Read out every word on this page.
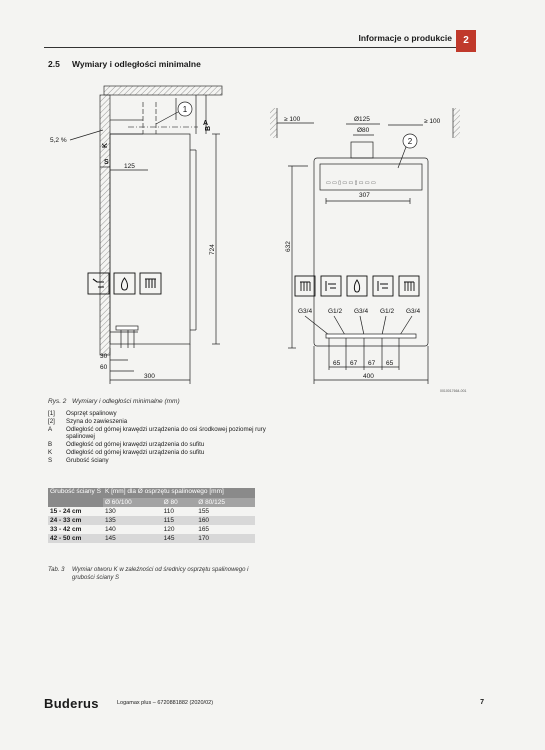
Informacje o produkcie	2
2.5 Wymiary i odległości minimalne
1
A
B
5,2 %
K
S
125
724
30
60
300
≥ 100	≥ 100
Ø125
Ø80
▭ ▭ ▯ ▭ ▭ ▯ ▭ ▭ ▭
2
307
632
G3/4 G1/2 G3/4 G1/2 G3/4
65 67 67 65
400
0010017664-001
Rys. 2 Wymiary i odległości minimalne (mm)
[1]	Osprzęt spalinowy
[2]	Szyna do zawieszenia
A	Odległość od górnej krawędzi urządzenia do osi środkowej poziomej rury spalinowej
B	Odległość od górnej krawędzi urządzenia do sufitu
K	Odległość od górnej krawędzi urządzenia do sufitu
S	Grubość ściany
Grubość ściany S	K [mm] dla Ø osprzętu spalinowego [mm]		
	Ø 60/100	Ø 80	Ø 80/125
15 - 24 cm	130	110	155
24 - 33 cm	135	115	160
33 - 42 cm	140	120	165
42 - 50 cm	145	145	170
Tab. 3 Wymiar otworu K w zależności od średnicy osprzętu spalinowego i grubości ściany S
Buderus	Logamax plus – 6720881882 (2020/02)	7
